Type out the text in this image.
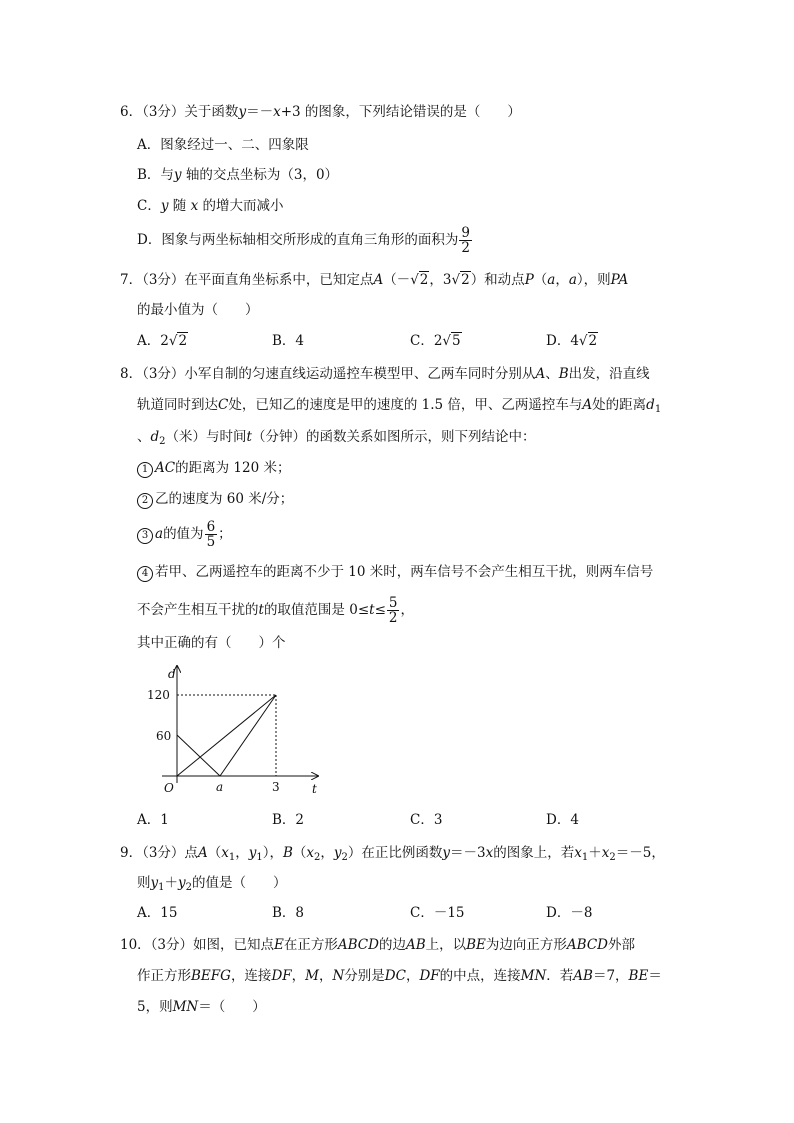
6．（3分）关于函数y＝－x+3 的图象，下列结论错误的是（　　）
A．图象经过一、二、四象限
B．与y 轴的交点坐标为（3，0）
C．y 随 x 的增大而减小
D．图象与两坐标轴相交所形成的直角三角形的面积为 $\frac{9}{2}$
7．（3分）在平面直角坐标系中，已知定点A（－√2，3√2）和动点P（a，a），则PA
的最小值为（　　）
A．2√2	B．4	C．2√5	D．4√2
8．（3分）小军自制的匀速直线运动遥控车模型甲、乙两车同时分别从A、B出发，沿直线
轨道同时到达C处，已知乙的速度是甲的速度的 1.5 倍，甲、乙两遥控车与A处的距离$d_1$
、$d_2$（米）与时间t（分钟）的函数关系如图所示，则下列结论中：
1 AC的距离为 120 米；
2 乙的速度为 60 米/分；
3 a的值为 $\frac{6}{5}$ ；
4 若甲、乙两遥控车的距离不少于 10 米时，两车信号不会产生相互干扰，则两车信号
不会产生相互干扰的t的取值范围是 $0\le t\le \frac{5}{2}$ ，
其中正确的有（　　）个
d
t
120
60
O	a	3
A．1	B．2	C．3	D．4
9．（3分）点$A(x_1$，$y_1$），$B(x_2$，$y_2$）在正比例函数y＝－3x的图象上，若$x_1+x_2=-5$，
则$y_1+y_2$的值是（　　）
A．15	B．8	C．－15	D．－8
10．（3分）如图，已知点E在正方形ABCD的边AB上，以BE为边向正方形ABCD外部
作正方形BEFG，连接DF，M，N分别是DC，DF的中点，连接MN．若AB＝7，BE＝
5，则MN＝（　　）
